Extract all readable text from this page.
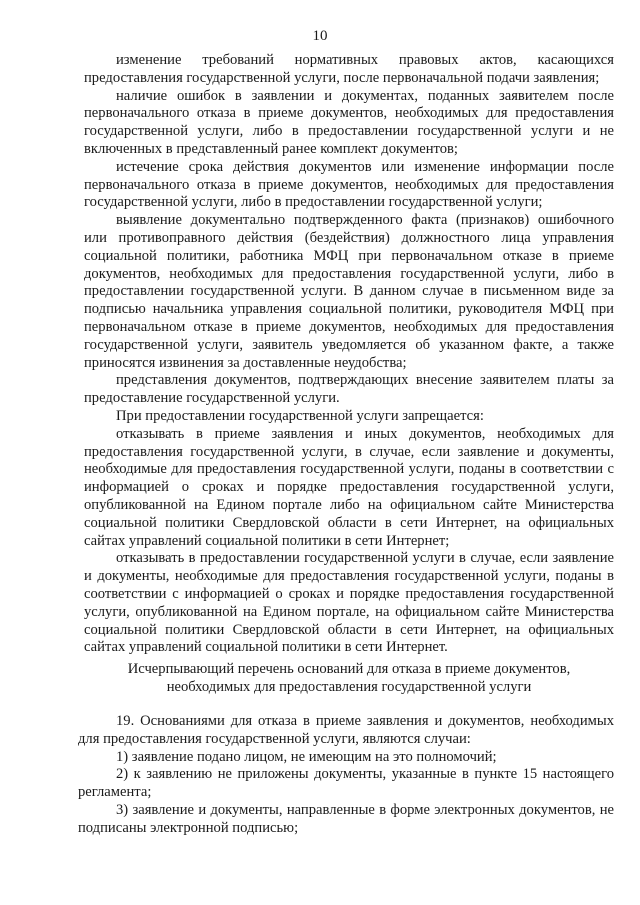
10

изменение требований нормативных правовых актов, касающихся предоставления государственной услуги, после первоначальной подачи заявления;

наличие ошибок в заявлении и документах, поданных заявителем после первоначального отказа в приеме документов, необходимых для предоставления государственной услуги, либо в предоставлении государственной услуги и не включенных в представленный ранее комплект документов;

истечение срока действия документов или изменение информации после первоначального отказа в приеме документов, необходимых для предоставления государственной услуги, либо в предоставлении государственной услуги;

выявление документально подтвержденного факта (признаков) ошибочного или противоправного действия (бездействия) должностного лица управления социальной политики, работника МФЦ при первоначальном отказе в приеме документов, необходимых для предоставления государственной услуги, либо в предоставлении государственной услуги. В данном случае в письменном виде за подписью начальника управления социальной политики, руководителя МФЦ при первоначальном отказе в приеме документов, необходимых для предоставления государственной услуги, заявитель уведомляется об указанном факте, а также приносятся извинения за доставленные неудобства;

представления документов, подтверждающих внесение заявителем платы за предоставление государственной услуги.

При предоставлении государственной услуги запрещается:

отказывать в приеме заявления и иных документов, необходимых для предоставления государственной услуги, в случае, если заявление и документы, необходимые для предоставления государственной услуги, поданы в соответствии с информацией о сроках и порядке предоставления государственной услуги, опубликованной на Едином портале либо на официальном сайте Министерства социальной политики Свердловской области в сети Интернет, на официальных сайтах управлений социальной политики в сети Интернет;

отказывать в предоставлении государственной услуги в случае, если заявление и документы, необходимые для предоставления государственной услуги, поданы в соответствии с информацией о сроках и порядке предоставления государственной услуги, опубликованной на Едином портале, на официальном сайте Министерства социальной политики Свердловской области в сети Интернет, на официальных сайтах управлений социальной политики в сети Интернет.

Исчерпывающий перечень оснований для отказа в приеме документов,
необходимых для предоставления государственной услуги

19. Основаниями для отказа в приеме заявления и документов, необходимых для предоставления государственной услуги, являются случаи:

1) заявление подано лицом, не имеющим на это полномочий;

2) к заявлению не приложены документы, указанные в пункте 15 настоящего регламента;

3) заявление и документы, направленные в форме электронных документов, не подписаны электронной подписью;
